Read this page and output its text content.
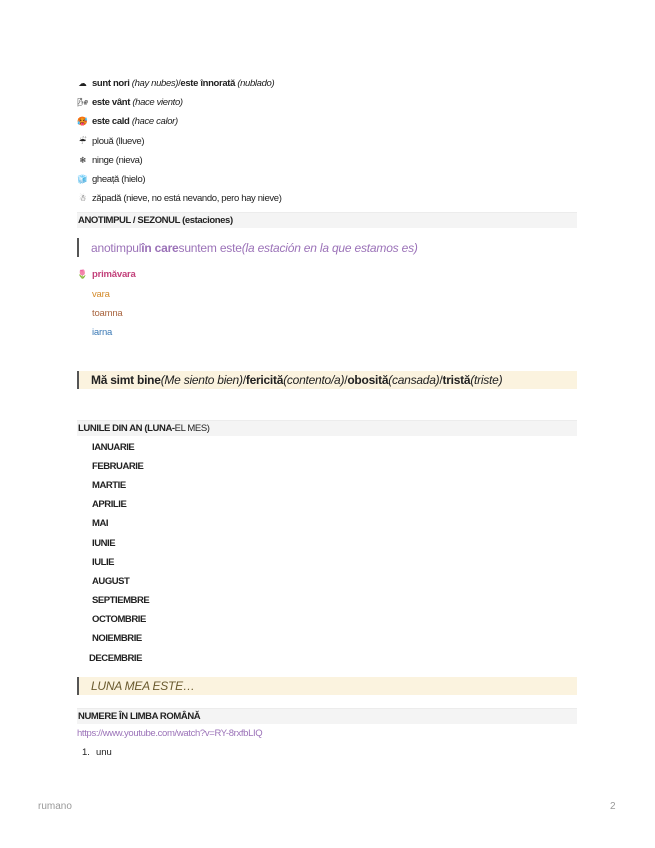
☁ sunt nori
(hay nubes) / este înnorată
(nublado)
🌬 este vânt
(hace viento)
🥵 este cald
(hace calor)
☔ plouă (llueve)
❄ ninge (nieva)
🧊 gheață (hielo)
☃ zăpadă (nieve, no está nevando, pero hay nieve)
ANOTIMPUL / SEZONUL (estaciones)
anotimpul în care suntem este (la estación en la que estamos es)
🌷 primăvara
vara
toamna
iarna
Mă simt bine (Me siento bien) / fericită (contento/a) / obosită (cansada) / tristă (triste)
LUNILE DIN AN (LUNA- EL MES)
IANUARIE
FEBRUARIE
MARTIE
APRILIE
MAI
IUNIE
IULIE
AUGUST
SEPTIEMBRE
OCTOMBRIE
NOIEMBRIE
DECEMBRIE
LUNA MEA ESTE…
NUMERE ÎN LIMBA ROMÂNĂ
https://www.youtube.com/watch?v=RY-8rxfbLIQ
1. unu
rumano	2
